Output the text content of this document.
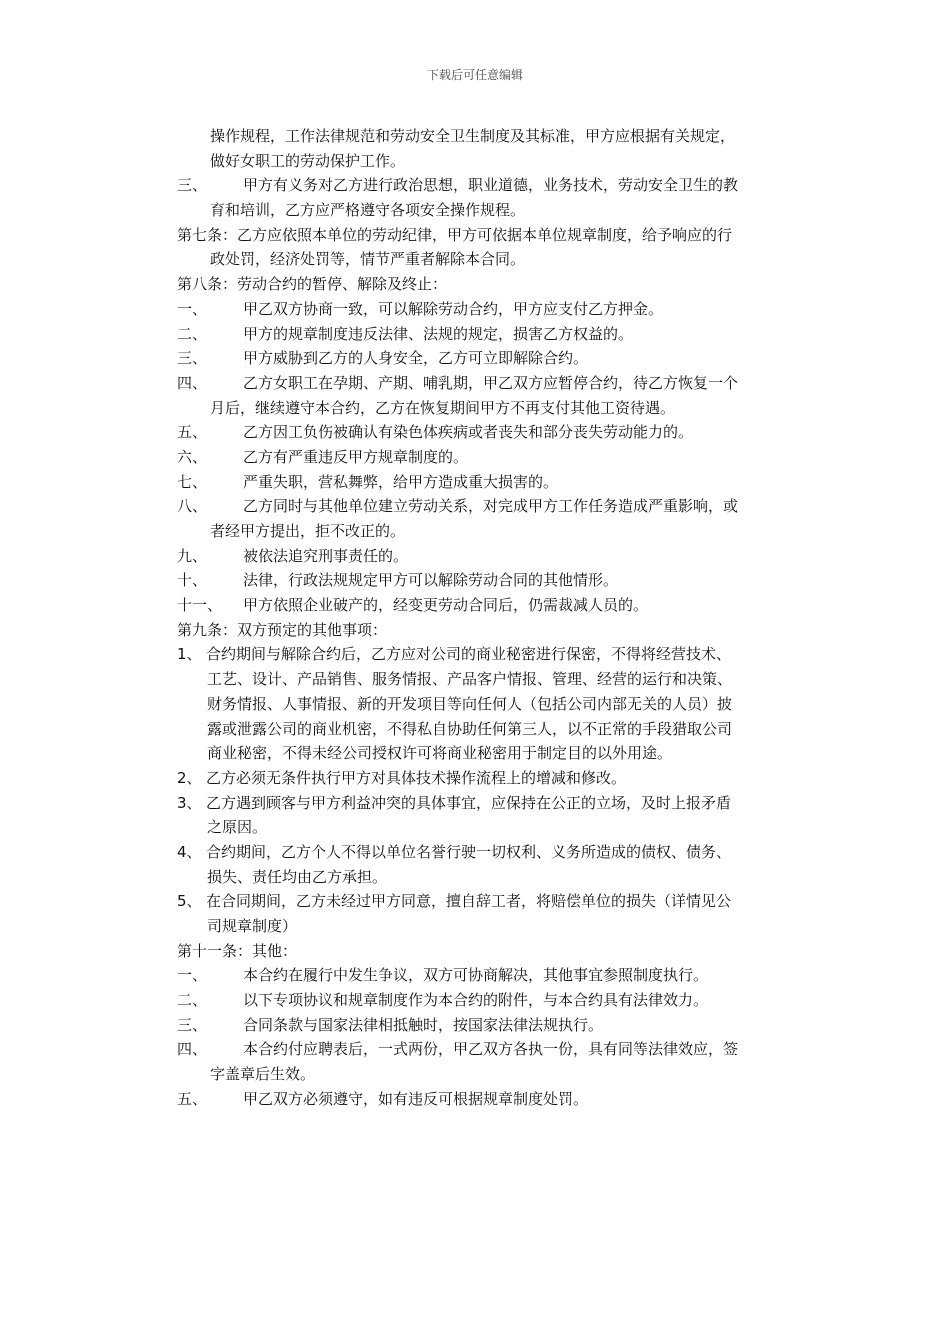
下载后可任意编辑
操作规程，工作法律规范和劳动安全卫生制度及其标准，甲方应根据有关规定，
做好女职工的劳动保护工作。
三、 甲方有义务对乙方进行政治思想，职业道德，业务技术，劳动安全卫生的教
育和培训，乙方应严格遵守各项安全操作规程。
第七条：乙方应依照本单位的劳动纪律，甲方可依据本单位规章制度，给予响应的行
政处罚，经济处罚等，情节严重者解除本合同。
第八条：劳动合约的暂停、解除及终止：
一、 甲乙双方协商一致，可以解除劳动合约，甲方应支付乙方押金。
二、 甲方的规章制度违反法律、法规的规定，损害乙方权益的。
三、 甲方威胁到乙方的人身安全，乙方可立即解除合约。
四、 乙方女职工在孕期、产期、哺乳期，甲乙双方应暂停合约，待乙方恢复一个
月后，继续遵守本合约，乙方在恢复期间甲方不再支付其他工资待遇。
五、 乙方因工负伤被确认有染色体疾病或者丧失和部分丧失劳动能力的。
六、 乙方有严重违反甲方规章制度的。
七、 严重失职，营私舞弊，给甲方造成重大损害的。
八、 乙方同时与其他单位建立劳动关系，对完成甲方工作任务造成严重影响，或
者经甲方提出，拒不改正的。
九、 被依法追究刑事责任的。
十、 法律，行政法规规定甲方可以解除劳动合同的其他情形。
十一、 甲方依照企业破产的，经变更劳动合同后，仍需裁减人员的。
第九条：双方预定的其他事项：
1、 合约期间与解除合约后，乙方应对公司的商业秘密进行保密，不得将经营技术、
工艺、设计、产品销售、服务情报、产品客户情报、管理、经营的运行和决策、
财务情报、人事情报、新的开发项目等向任何人（包括公司内部无关的人员）披
露或泄露公司的商业机密，不得私自协助任何第三人，以不正常的手段猎取公司
商业秘密，不得未经公司授权许可将商业秘密用于制定目的以外用途。
2、 乙方必须无条件执行甲方对具体技术操作流程上的增减和修改。
3、 乙方遇到顾客与甲方利益冲突的具体事宜，应保持在公正的立场，及时上报矛盾
之原因。
4、 合约期间，乙方个人不得以单位名誉行驶一切权利、义务所造成的债权、债务、
损失、责任均由乙方承担。
5、 在合同期间，乙方未经过甲方同意，擅自辞工者，将赔偿单位的损失（详情见公
司规章制度）
第十一条：其他：
一、 本合约在履行中发生争议，双方可协商解决，其他事宜参照制度执行。
二、 以下专项协议和规章制度作为本合约的附件，与本合约具有法律效力。
三、 合同条款与国家法律相抵触时，按国家法律法规执行。
四、 本合约付应聘表后，一式两份，甲乙双方各执一份，具有同等法律效应，签
字盖章后生效。
五、 甲乙双方必须遵守，如有违反可根据规章制度处罚。
